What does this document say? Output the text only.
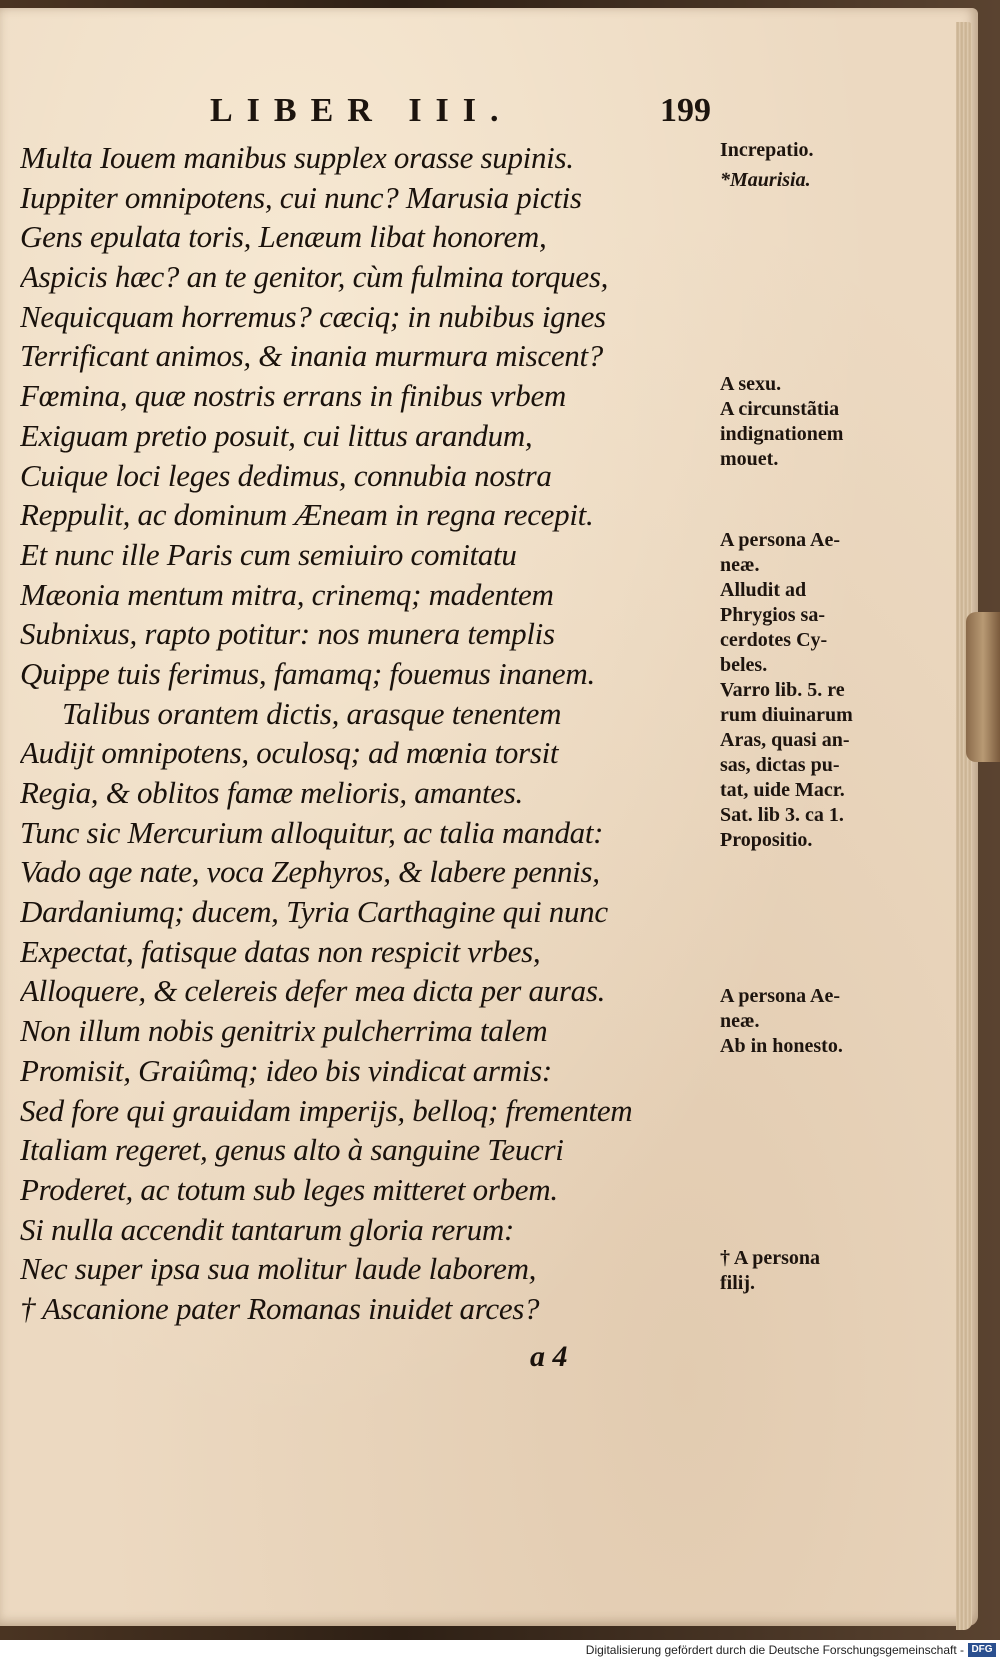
LIBER III.	199
Multa Iouem manibus supplex orasse supinis.
Iuppiter omnipotens, cui nunc? Marusia pictis
Gens epulata toris, Lenæum libat honorem,
Aspicis hæc? an te genitor, cùm fulmina torques,
Nequicquam horremus? cæciq; in nubibus ignes
Terrificant animos, & inania murmura miscent?
Fœmina, quæ nostris errans in finibus vrbem
Exiguam pretio posuit, cui littus arandum,
Cuique loci leges dedimus, connubia nostra
Reppulit, ac dominum Æneam in regna recepit.
Et nunc ille Paris cum semiuiro comitatu
Mæonia mentum mitra, crinemq; madentem
Subnixus, rapto potitur: nos munera templis
Quippe tuis ferimus, famamq; fouemus inanem.
Talibus orantem dictis, arasque tenentem
Audijt omnipotens, oculosq; ad mœnia torsit
Regia, & oblitos famæ melioris, amantes.
Tunc sic Mercurium alloquitur, ac talia mandat:
Vado age nate, voca Zephyros, & labere pennis,
Dardaniumq; ducem, Tyria Carthagine qui nunc
Expectat, fatisque datas non respicit vrbes,
Alloquere, & celereis defer mea dicta per auras.
Non illum nobis genitrix pulcherrima talem
Promisit, Graiûmq; ideo bis vindicat armis:
Sed fore qui grauidam imperijs, belloq; frementem
Italiam regeret, genus alto à sanguine Teucri
Proderet, ac totum sub leges mitteret orbem.
Si nulla accendit tantarum gloria rerum:
Nec super ipsa sua molitur laude laborem,
† Ascanione pater Romanas inuidet arces?
Increpatio.
*Maurisia.
A sexu.
A circunstãtia
indignationem
mouet.
A persona Ae-
neæ.
Alludit ad
Phrygios sa-
cerdotes Cy-
beles.
Varro lib. 5. re
rum diuinarum
Aras, quasi an-
sas, dictas pu-
tat, uide Macr.
Sat. lib 3. ca 1.
Propositio.
A persona Ae-
neæ.
Ab in honesto.
† A persona
filij.
a 4
Digitalisierung gefördert durch die Deutsche Forschungsgemeinschaft - DFG
